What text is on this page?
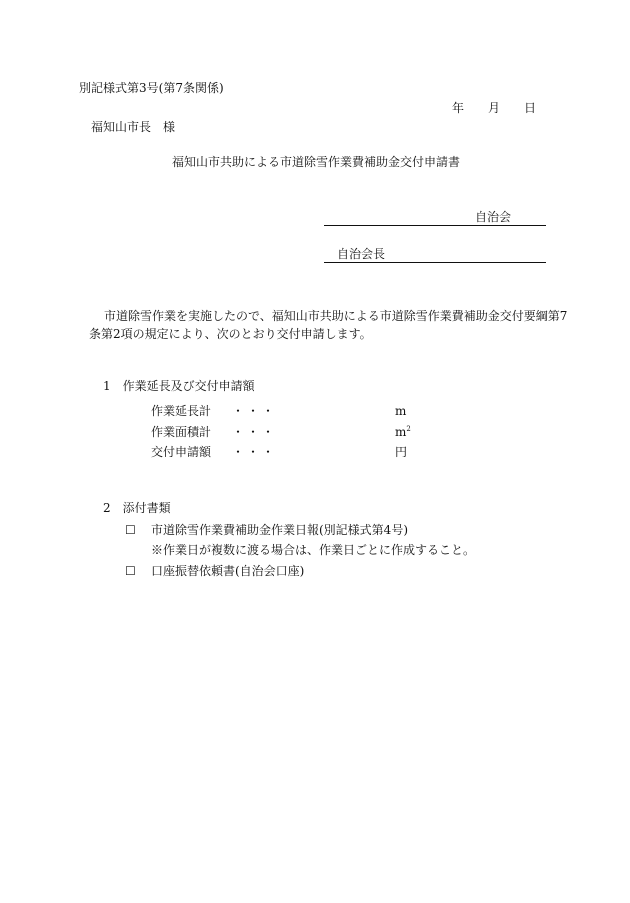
別記様式第3号(第7条関係)
年 月 日
福知山市長　様
福知山市共助による市道除雪作業費補助金交付申請書
自治会
自治会長
市道除雪作業を実施したので、福知山市共助による市道除雪作業費補助金交付要綱第7
条第2項の規定により、次のとおり交付申請します。
1　作業延長及び交付申請額
作業延長計 ・・・	m
作業面積計 ・・・	$m^2$
交付申請額 ・・・	円
2　添付書類
☐ 市道除雪作業費補助金作業日報(別記様式第4号)
※作業日が複数に渡る場合は、作業日ごとに作成すること。
☐ 口座振替依頼書(自治会口座)
